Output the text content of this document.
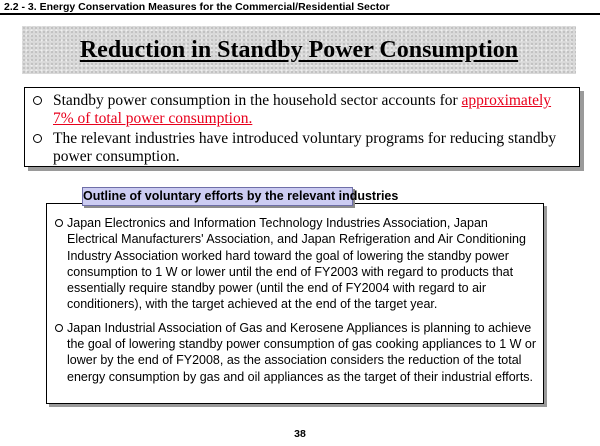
2.2 - 3. Energy Conservation Measures for the Commercial/Residential Sector
Reduction in Standby Power Consumption
Standby power consumption in the household sector accounts for approximately 7% of total power consumption.
The relevant industries have introduced voluntary programs for reducing standby power consumption.
Outline of voluntary efforts by the relevant industries
Japan Electronics and Information Technology Industries Association, Japan Electrical Manufacturers' Association, and Japan Refrigeration and Air Conditioning Industry Association worked hard toward the goal of lowering the standby power consumption to 1 W or lower until the end of FY2003 with regard to products that essentially require standby power (until the end of FY2004 with regard to air conditioners), with the target achieved at the end of the target year.
Japan Industrial Association of Gas and Kerosene Appliances is planning to achieve the goal of lowering standby power consumption of gas cooking appliances to 1 W or lower by the end of FY2008, as the association considers the reduction of the total energy consumption by gas and oil appliances as the target of their industrial efforts.
38
